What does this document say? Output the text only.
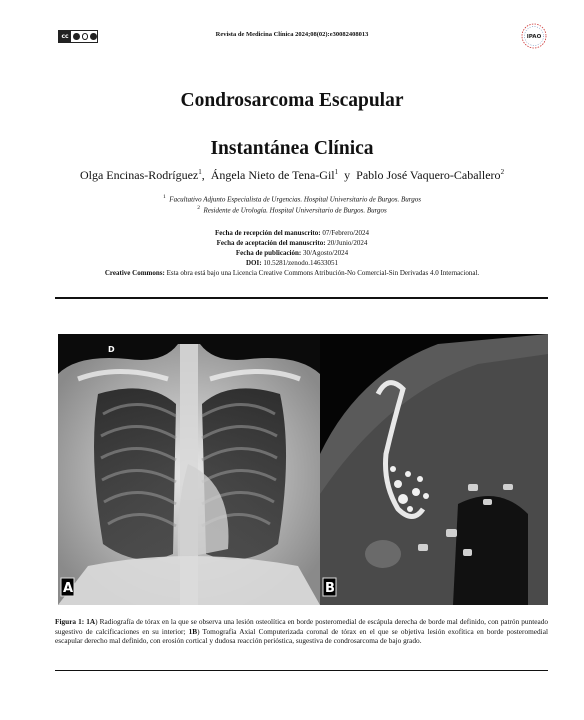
cc	Revista de Medicina Clínica 2024;08(02):e30082408013	IPAO
Condrosarcoma Escapular
Instantánea Clínica
Olga Encinas-Rodríguez$^1$,  Ángela Nieto de Tena-Gil$^1$  y  Pablo José Vaquero-Caballero$^2$
$^1$ Facultativo Adjunto Especialista de Urgencias. Hospital Universitario de Burgos. Burgos
$^2$ Residente de Urología. Hospital Universitario de Burgos. Burgos
Fecha de recepción del manuscrito: 07/Febrero/2024
Fecha de aceptación del manuscrito: 20/Junio/2024
Fecha de publicación: 30/Agosto/2024
DOI: 10.5281/zenodo.14633051
Creative Commons: Esta obra está bajo una Licencia Creative Commons Atribución-No Comercial-Sin Derivadas 4.0 Internacional.
D
A	B
Figura 1: 1A) Radiografía de tórax en la que se observa una lesión osteolítica en borde posteromedial de escápula derecha de borde mal definido, con patrón punteado sugestivo de calcificaciones en su interior; 1B) Tomografía Axial Computerizada coronal de tórax en el que se objetiva lesión exofítica en borde posteromedial escapular derecho mal definido, con erosión cortical y dudosa reacción perióstica, sugestiva de condrosarcoma de bajo grado.
